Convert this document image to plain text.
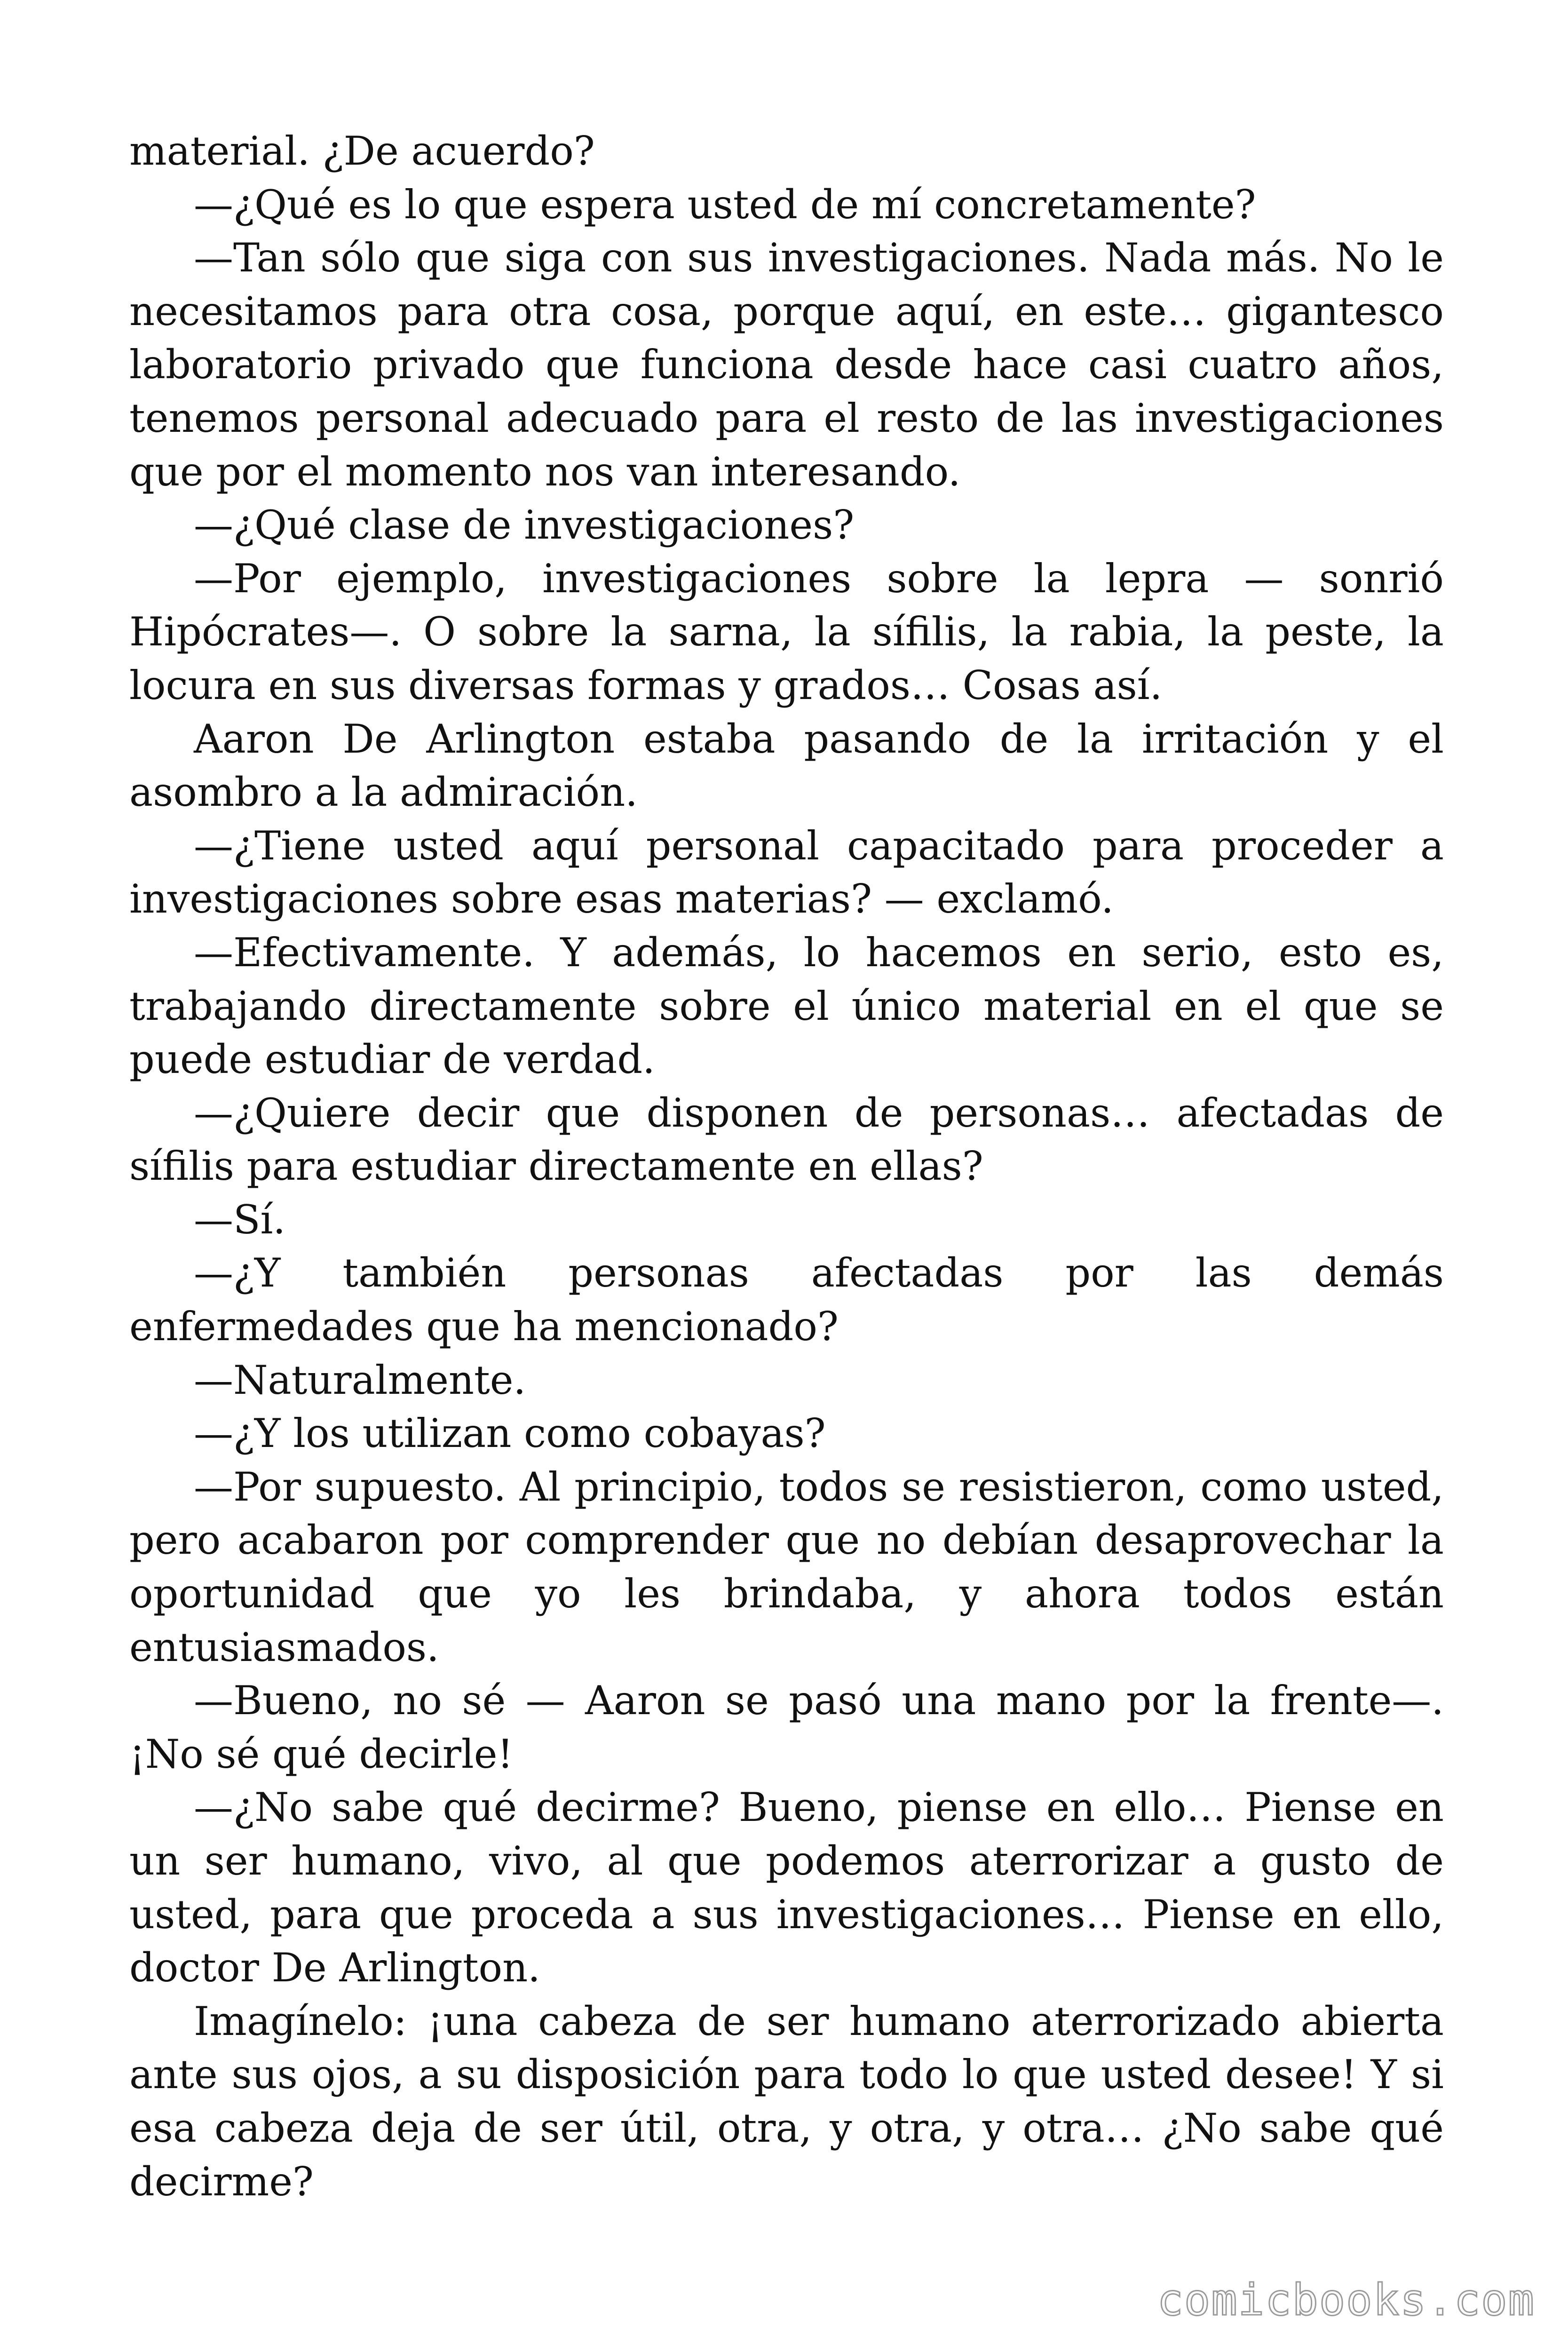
material. ¿De acuerdo?

—¿Qué es lo que espera usted de mí concretamente?

—Tan sólo que siga con sus investigaciones. Nada más. No le necesitamos para otra cosa, porque aquí, en este… gigantesco laboratorio privado que funciona desde hace casi cuatro años, tenemos personal adecuado para el resto de las investigaciones que por el momento nos van interesando.

—¿Qué clase de investigaciones?

—Por ejemplo, investigaciones sobre la lepra — sonrió Hipócrates—. O sobre la sarna, la sífilis, la rabia, la peste, la locura en sus diversas formas y grados… Cosas así.

Aaron De Arlington estaba pasando de la irritación y el asombro a la admiración.

—¿Tiene usted aquí personal capacitado para proceder a investigaciones sobre esas materias? — exclamó.

—Efectivamente. Y además, lo hacemos en serio, esto es, trabajando directamente sobre el único material en el que se puede estudiar de verdad.

—¿Quiere decir que disponen de personas… afectadas de sífilis para estudiar directamente en ellas?

—Sí.

—¿Y también personas afectadas por las demás enfermedades que ha mencionado?

—Naturalmente.

—¿Y los utilizan como cobayas?

—Por supuesto. Al principio, todos se resistieron, como usted, pero acabaron por comprender que no debían desaprovechar la oportunidad que yo les brindaba, y ahora todos están entusiasmados.

—Bueno, no sé — Aaron se pasó una mano por la frente—. ¡No sé qué decirle!

—¿No sabe qué decirme? Bueno, piense en ello… Piense en un ser humano, vivo, al que podemos aterrorizar a gusto de usted, para que proceda a sus investigaciones… Piense en ello, doctor De Arlington.

Imagínelo: ¡una cabeza de ser humano aterrorizado abierta ante sus ojos, a su disposición para todo lo que usted desee! Y si esa cabeza deja de ser útil, otra, y otra, y otra… ¿No sabe qué decirme?

comicbooks.com
